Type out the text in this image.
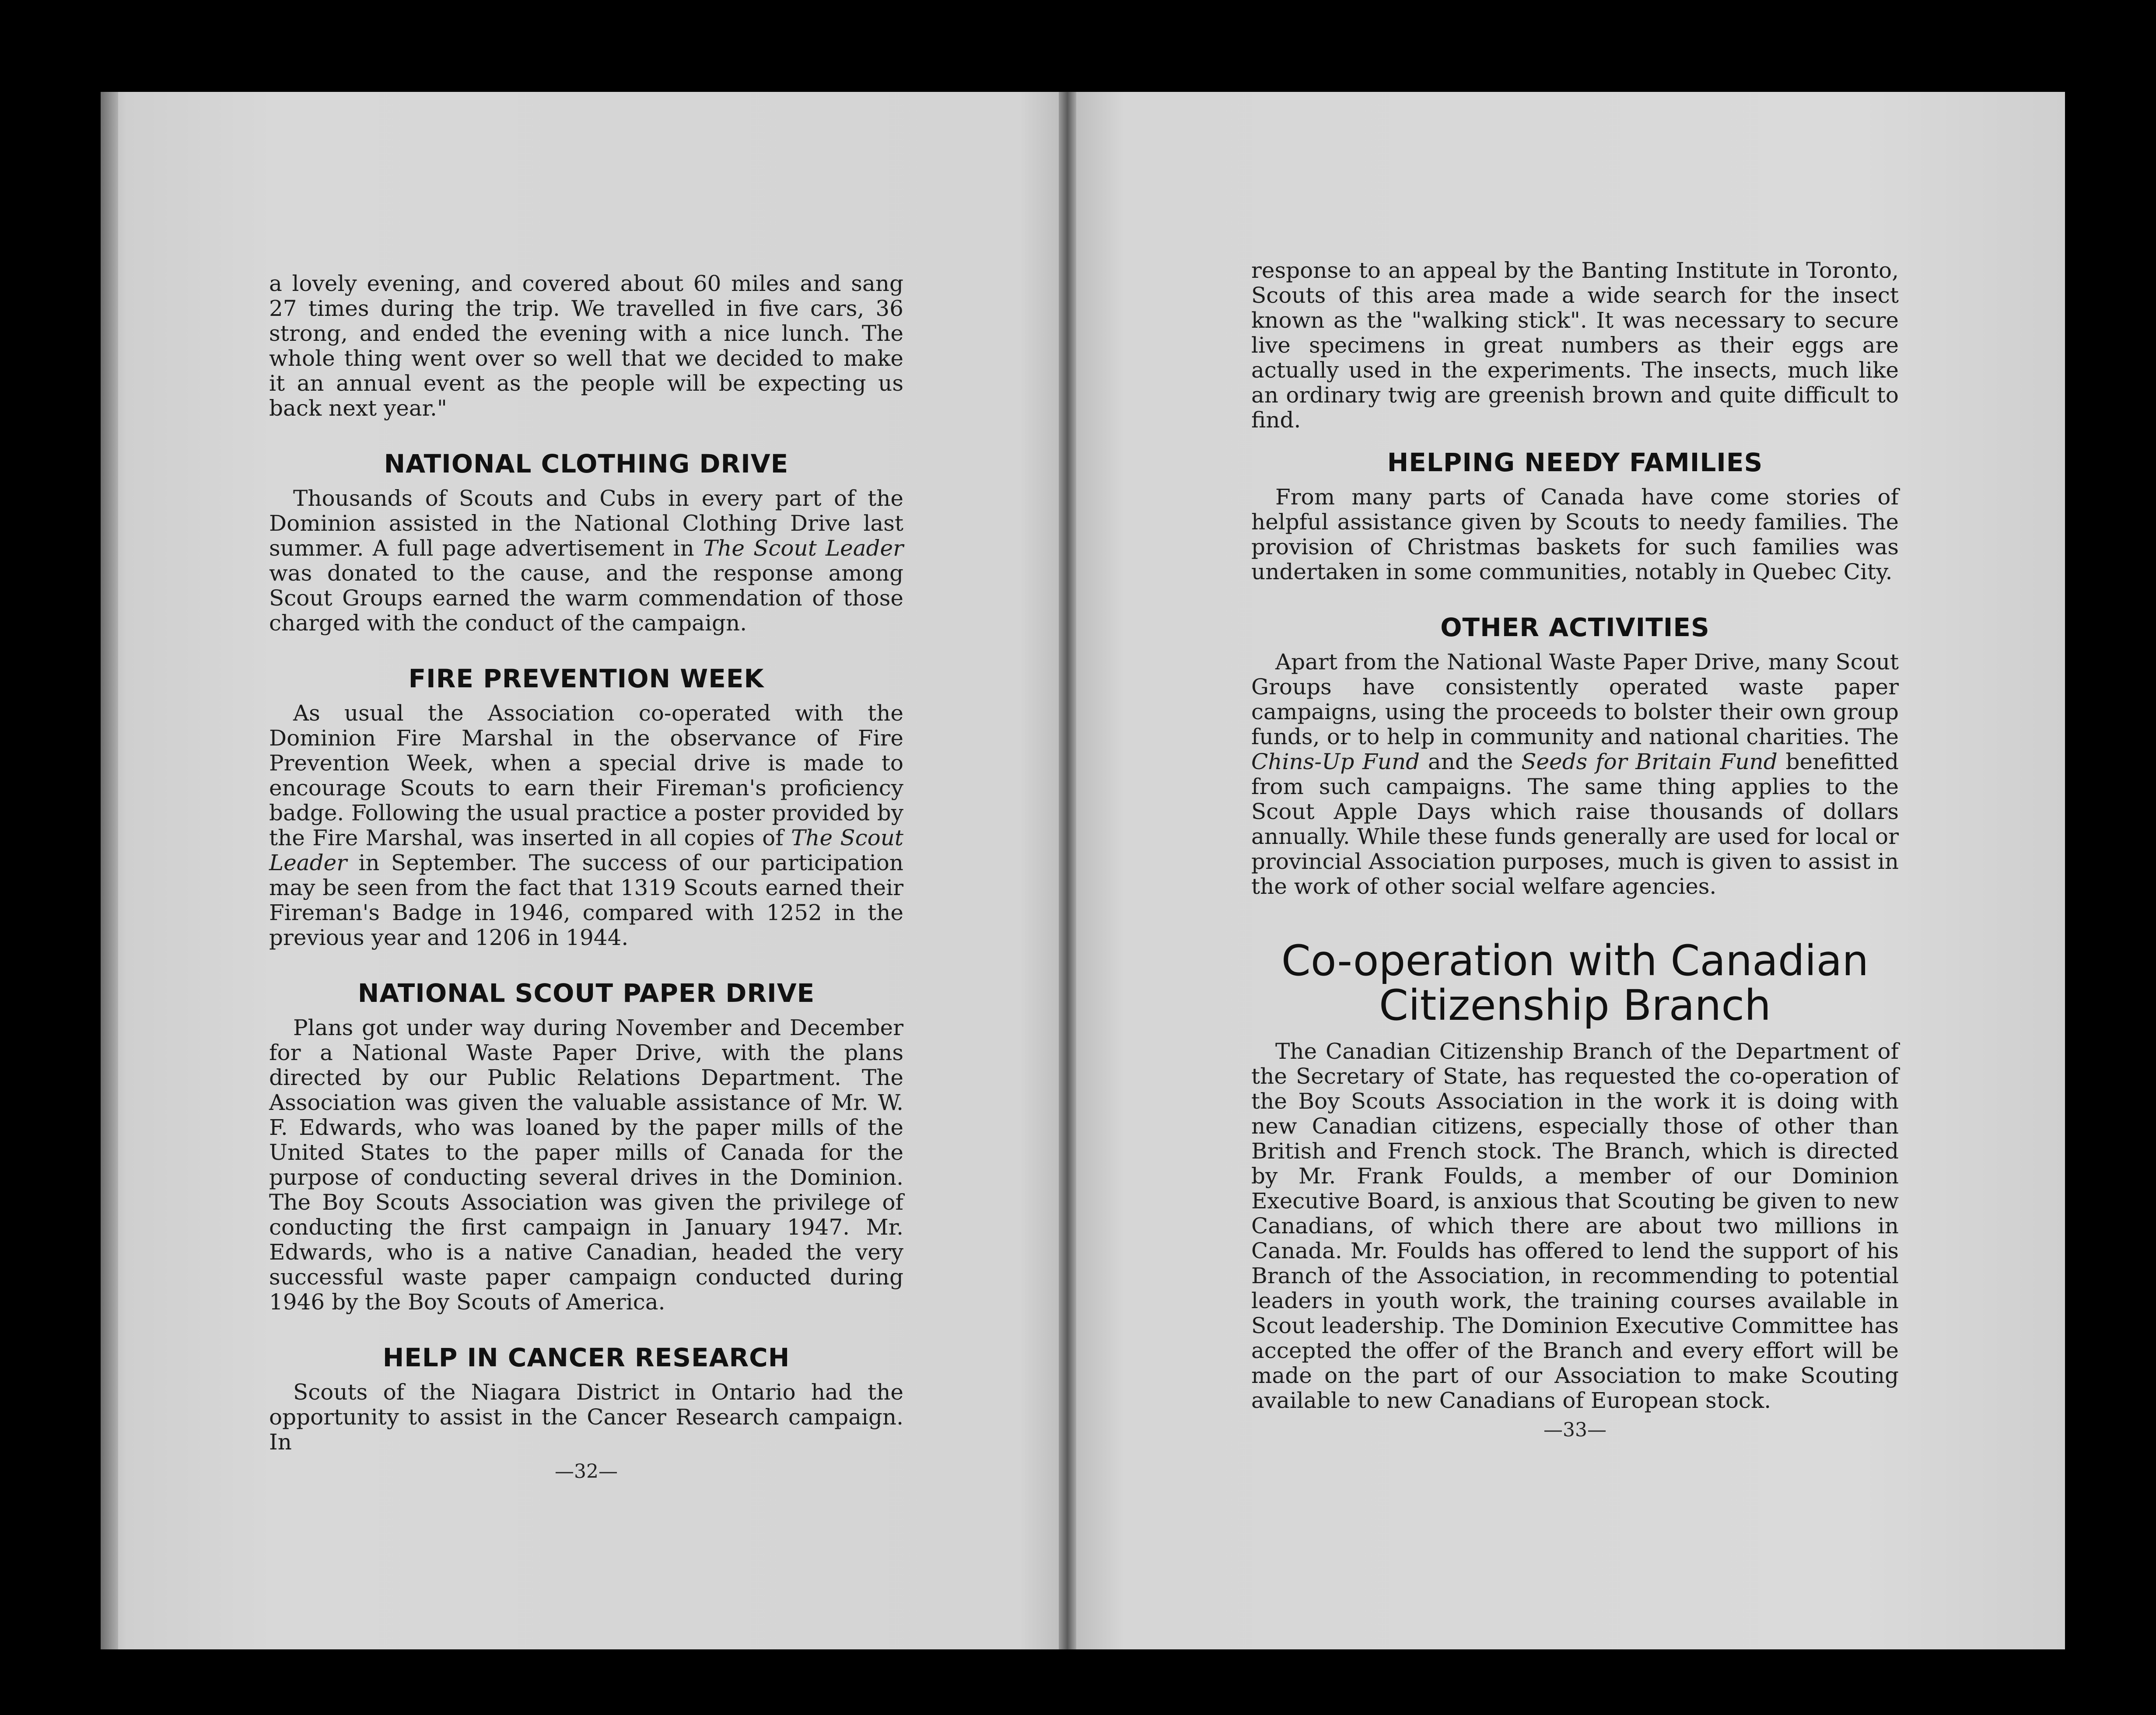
a lovely evening, and covered about 60 miles and sang 27 times during the trip. We travelled in five cars, 36 strong, and ended the evening with a nice lunch. The whole thing went over so well that we decided to make it an annual event as the people will be expecting us back next year."

NATIONAL CLOTHING DRIVE

Thousands of Scouts and Cubs in every part of the Dominion assisted in the National Clothing Drive last summer. A full page advertisement in The Scout Leader was donated to the cause, and the response among Scout Groups earned the warm commendation of those charged with the conduct of the campaign.

FIRE PREVENTION WEEK

As usual the Association co-operated with the Dominion Fire Marshal in the observance of Fire Prevention Week, when a special drive is made to encourage Scouts to earn their Fireman's proficiency badge. Following the usual practice a poster provided by the Fire Marshal, was inserted in all copies of The Scout Leader in September. The success of our participation may be seen from the fact that 1319 Scouts earned their Fireman's Badge in 1946, compared with 1252 in the previous year and 1206 in 1944.

NATIONAL SCOUT PAPER DRIVE

Plans got under way during November and December for a National Waste Paper Drive, with the plans directed by our Public Relations Department. The Association was given the valuable assistance of Mr. W. F. Edwards, who was loaned by the paper mills of the United States to the paper mills of Canada for the purpose of conducting several drives in the Dominion. The Boy Scouts Association was given the privilege of conducting the first campaign in January 1947. Mr. Edwards, who is a native Canadian, headed the very successful waste paper campaign conducted during 1946 by the Boy Scouts of America.

HELP IN CANCER RESEARCH

Scouts of the Niagara District in Ontario had the opportunity to assist in the Cancer Research campaign. In

—32—

response to an appeal by the Banting Institute in Toronto, Scouts of this area made a wide search for the insect known as the "walking stick". It was necessary to secure live specimens in great numbers as their eggs are actually used in the experiments. The insects, much like an ordinary twig are greenish brown and quite difficult to find.

HELPING NEEDY FAMILIES

From many parts of Canada have come stories of helpful assistance given by Scouts to needy families. The provision of Christmas baskets for such families was undertaken in some communities, notably in Quebec City.

OTHER ACTIVITIES

Apart from the National Waste Paper Drive, many Scout Groups have consistently operated waste paper campaigns, using the proceeds to bolster their own group funds, or to help in community and national charities. The Chins-Up Fund and the Seeds for Britain Fund benefitted from such campaigns. The same thing applies to the Scout Apple Days which raise thousands of dollars annually. While these funds generally are used for local or provincial Association purposes, much is given to assist in the work of other social welfare agencies.

Co-operation with Canadian
Citizenship Branch

The Canadian Citizenship Branch of the Department of the Secretary of State, has requested the co-operation of the Boy Scouts Association in the work it is doing with new Canadian citizens, especially those of other than British and French stock. The Branch, which is directed by Mr. Frank Foulds, a member of our Dominion Executive Board, is anxious that Scouting be given to new Canadians, of which there are about two millions in Canada. Mr. Foulds has offered to lend the support of his Branch of the Association, in recommending to potential leaders in youth work, the training courses available in Scout leadership. The Dominion Executive Committee has accepted the offer of the Branch and every effort will be made on the part of our Association to make Scouting available to new Canadians of European stock.

—33—
